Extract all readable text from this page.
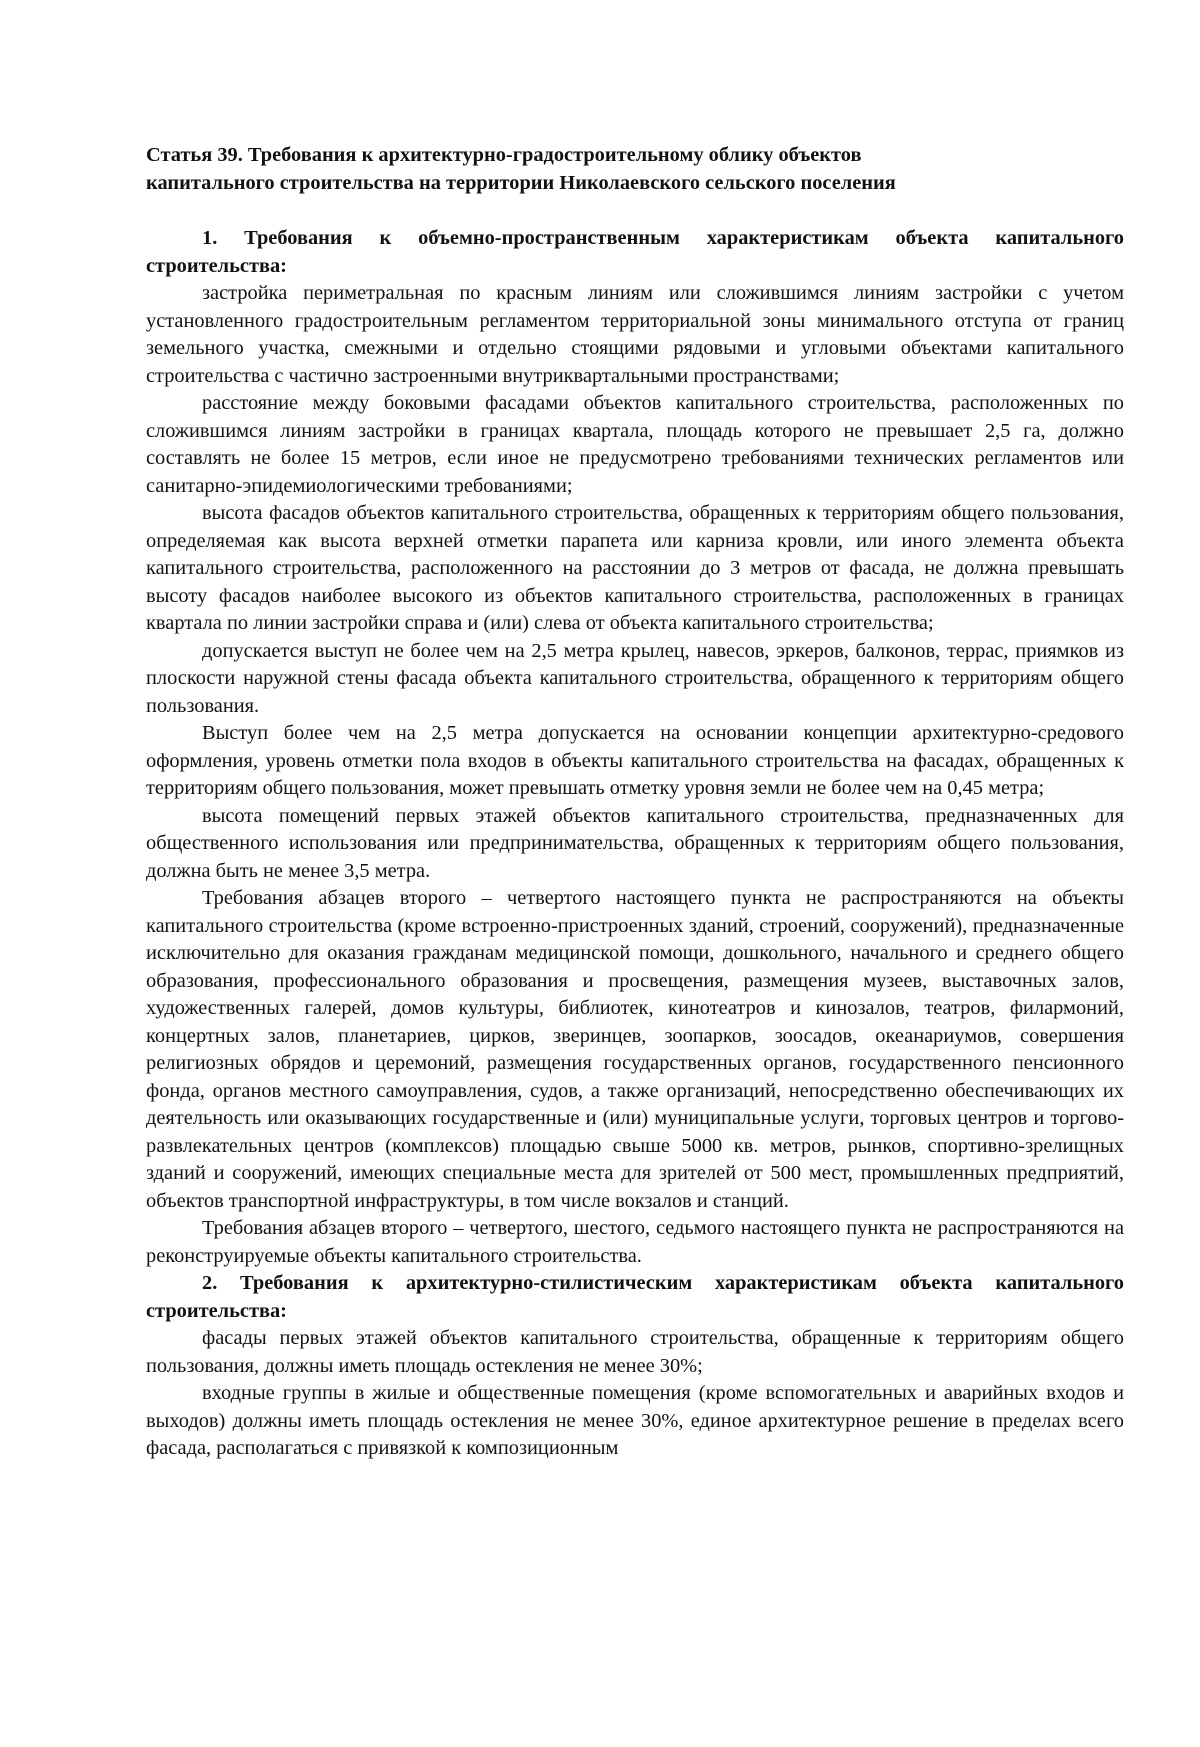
Статья 39. Требования к архитектурно-градостроительному облику объектов
капитального строительства на территории Николаевского сельского поселения

1. Требования к объемно-пространственным характеристикам объекта капитального строительства:

застройка периметральная по красным линиям или сложившимся линиям застройки с учетом установленного градостроительным регламентом территориальной зоны минимального отступа от границ земельного участка, смежными и отдельно стоящими рядовыми и угловыми объектами капитального строительства с частично застроенными внутриквартальными пространствами;

расстояние между боковыми фасадами объектов капитального строительства, расположенных по сложившимся линиям застройки в границах квартала, площадь которого не превышает 2,5 га, должно составлять не более 15 метров, если иное не предусмотрено требованиями технических регламентов или санитарно-эпидемиологическими требованиями;

высота фасадов объектов капитального строительства, обращенных к территориям общего пользования, определяемая как высота верхней отметки парапета или карниза кровли, или иного элемента объекта капитального строительства, расположенного на расстоянии до 3 метров от фасада, не должна превышать высоту фасадов наиболее высокого из объектов капитального строительства, расположенных в границах квартала по линии застройки справа и (или) слева от объекта капитального строительства;

допускается выступ не более чем на 2,5 метра крылец, навесов, эркеров, балконов, террас, приямков из плоскости наружной стены фасада объекта капитального строительства, обращенного к территориям общего пользования.

Выступ более чем на 2,5 метра допускается на основании концепции архитектурно-средового оформления, уровень отметки пола входов в объекты капитального строительства на фасадах, обращенных к территориям общего пользования, может превышать отметку уровня земли не более чем на 0,45 метра;

высота помещений первых этажей объектов капитального строительства, предназначенных для общественного использования или предпринимательства, обращенных к территориям общего пользования, должна быть не менее 3,5 метра.

Требования абзацев второго – четвертого настоящего пункта не распространяются на объекты капитального строительства (кроме встроенно-пристроенных зданий, строений, сооружений), предназначенные исключительно для оказания гражданам медицинской помощи, дошкольного, начального и среднего общего образования, профессионального образования и просвещения, размещения музеев, выставочных залов, художественных галерей, домов культуры, библиотек, кинотеатров и кинозалов, театров, филармоний, концертных залов, планетариев, цирков, зверинцев, зоопарков, зоосадов, океанариумов, совершения религиозных обрядов и церемоний, размещения государственных органов, государственного пенсионного фонда, органов местного самоуправления, судов, а также организаций, непосредственно обеспечивающих их деятельность или оказывающих государственные и (или) муниципальные услуги, торговых центров и торгово-развлекательных центров (комплексов) площадью свыше 5000 кв. метров, рынков, спортивно-зрелищных зданий и сооружений, имеющих специальные места для зрителей от 500 мест, промышленных предприятий, объектов транспортной инфраструктуры, в том числе вокзалов и станций.

Требования абзацев второго – четвертого, шестого, седьмого настоящего пункта не распространяются на реконструируемые объекты капитального строительства.

2. Требования к архитектурно-стилистическим характеристикам объекта капитального строительства:

фасады первых этажей объектов капитального строительства, обращенные к территориям общего пользования, должны иметь площадь остекления не менее 30%;

входные группы в жилые и общественные помещения (кроме вспомогательных и аварийных входов и выходов) должны иметь площадь остекления не менее 30%, единое архитектурное решение в пределах всего фасада, располагаться с привязкой к композиционным
